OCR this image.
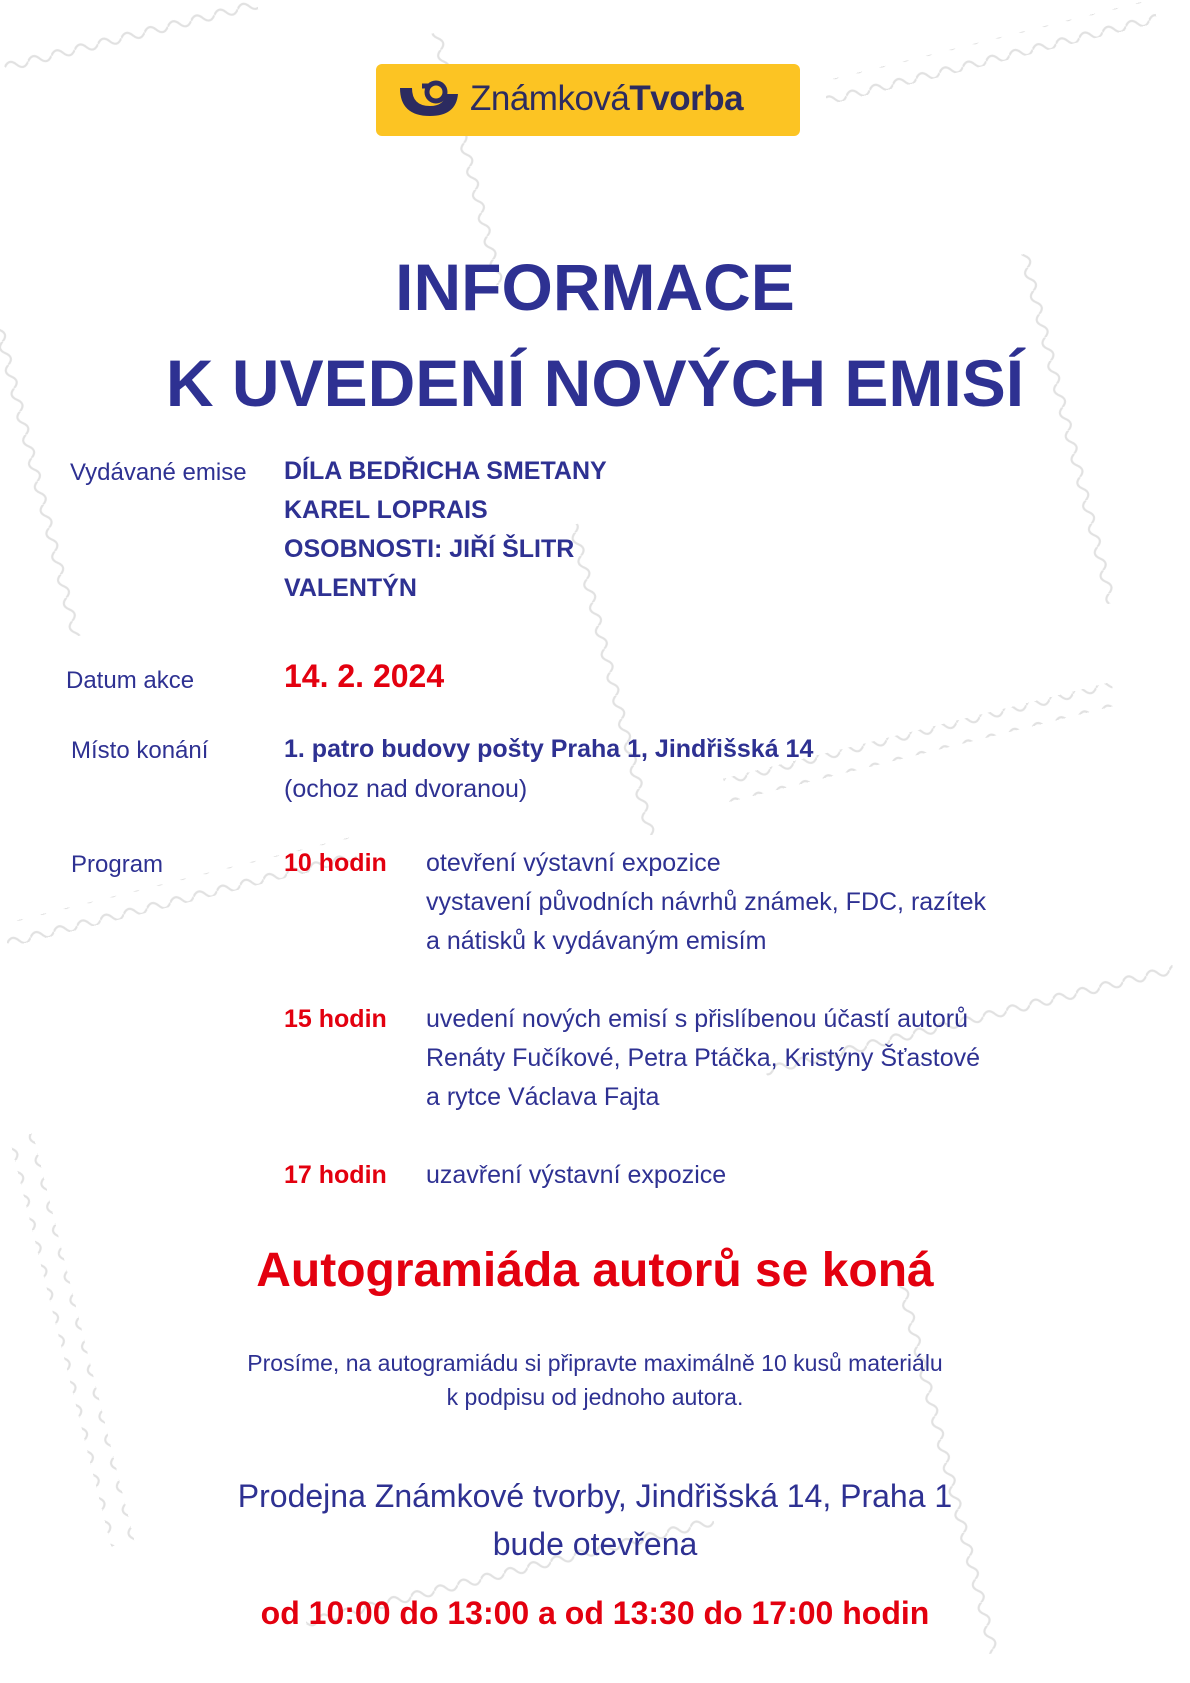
ZnámkováTvorba
INFORMACE
K UVEDENÍ NOVÝCH EMISÍ

Vydávané emise DÍLA BEDŘICHA SMETANY

KAREL LOPRAIS

OSOBNOSTI: JIŘÍ ŠLITR

VALENTÝN

Datum akce	14. 2. 2024

Místo konání	1. patro budovy pošty Praha 1, Jindřišská 14

(ochoz nad dvoranou)

Program	10 hodin otevření výstavní expozice

vystavení původních návrhů známek, FDC, razítek

a nátisků k vydávaným emisím

15 hodin uvedení nových emisí s přislíbenou účastí autorů

Renáty Fučíkové, Petra Ptáčka, Kristýny Šťastové

a rytce Václava Fajta

17 hodin uzavření výstavní expozice

Autogramiáda autorů se koná

Prosíme, na autogramiádu si připravte maximálně 10 kusů materiálu

k podpisu od jednoho autora.

Prodejna Známkové tvorby, Jindřišská 14, Praha 1

bude otevřena

od 10:00 do 13:00 a od 13:30 do 17:00 hodin
